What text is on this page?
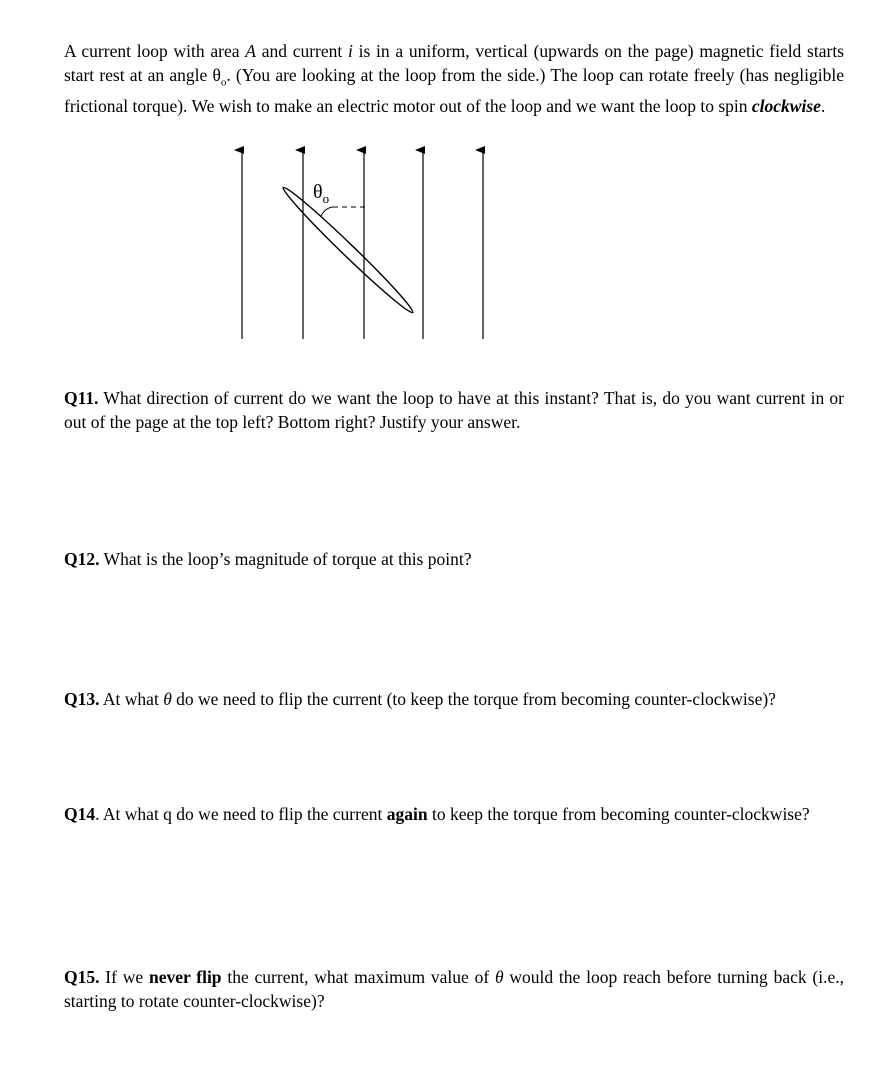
A current loop with area A and current i is in a uniform, vertical (upwards on the page) magnetic field starts start rest at an angle $\theta_o$. (You are looking at the loop from the side.) The loop can rotate freely (has negligible frictional torque). We wish to make an electric motor out of the loop and we want the loop to spin clockwise.

$\theta_o$

Q11. What direction of current do we want the loop to have at this instant? That is, do you want current in or out of the page at the top left? Bottom right? Justify your answer.

Q12. What is the loop’s magnitude of torque at this point?

Q13. At what θ do we need to flip the current (to keep the torque from becoming counter-clockwise)?

Q14. At what q do we need to flip the current again to keep the torque from becoming counter-clockwise?

Q15. If we never flip the current, what maximum value of θ would the loop reach before turning back (i.e., starting to rotate counter-clockwise)?
